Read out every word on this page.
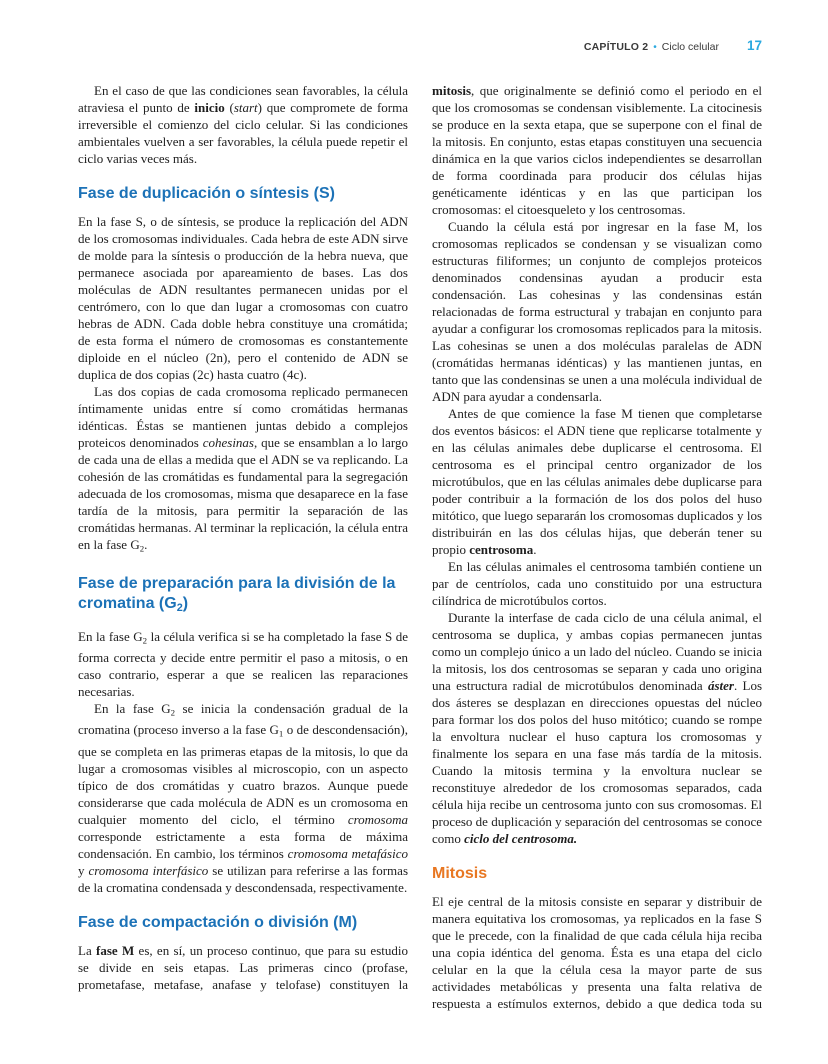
CAPÍTULO 2 • Ciclo celular 17

En el caso de que las condiciones sean favorables, la célula atraviesa el punto de inicio (start) que compromete de forma irreversible el comienzo del ciclo celular. Si las condiciones ambientales vuelven a ser favorables, la célula puede repetir el ciclo varias veces más.

Fase de duplicación o síntesis (S)

En la fase S, o de síntesis, se produce la replicación del ADN de los cromosomas individuales. Cada hebra de este ADN sirve de molde para la síntesis o producción de la hebra nueva, que permanece asociada por apareamiento de bases. Las dos moléculas de ADN resultantes permanecen unidas por el centrómero, con lo que dan lugar a cromosomas con cuatro hebras de ADN. Cada doble hebra constituye una cromátida; de esta forma el número de cromosomas es constantemente diploide en el núcleo (2n), pero el contenido de ADN se duplica de dos copias (2c) hasta cuatro (4c).

Las dos copias de cada cromosoma replicado permanecen íntimamente unidas entre sí como cromátidas hermanas idénticas. Éstas se mantienen juntas debido a complejos proteicos denominados cohesinas, que se ensamblan a lo largo de cada una de ellas a medida que el ADN se va replicando. La cohesión de las cromátidas es fundamental para la segregación adecuada de los cromosomas, misma que desaparece en la fase tardía de la mitosis, para permitir la separación de las cromátidas hermanas. Al terminar la replicación, la célula entra en la fase G2.

Fase de preparación para la división de la cromatina (G2)

En la fase G2 la célula verifica si se ha completado la fase S de forma correcta y decide entre permitir el paso a mitosis, o en caso contrario, esperar a que se realicen las reparaciones necesarias.

En la fase G2 se inicia la condensación gradual de la cromatina (proceso inverso a la fase G1 o de descondensación), que se completa en las primeras etapas de la mitosis, lo que da lugar a cromosomas visibles al microscopio, con un aspecto típico de dos cromátidas y cuatro brazos. Aunque puede considerarse que cada molécula de ADN es un cromosoma en cualquier momento del ciclo, el término cromosoma corresponde estrictamente a esta forma de máxima condensación. En cambio, los términos cromosoma metafásico y cromosoma interfásico se utilizan para referirse a las formas de la cromatina condensada y descondensada, respectivamente.

Fase de compactación o división (M)

La fase M es, en sí, un proceso continuo, que para su estudio se divide en seis etapas. Las primeras cinco (profase, prometafase, metafase, anafase y telofase) constituyen la

mitosis, que originalmente se definió como el periodo en el que los cromosomas se condensan visiblemente. La citocinesis se produce en la sexta etapa, que se superpone con el final de la mitosis. En conjunto, estas etapas constituyen una secuencia dinámica en la que varios ciclos independientes se desarrollan de forma coordinada para producir dos células hijas genéticamente idénticas y en las que participan los cromosomas: el citoesqueleto y los centrosomas.

Cuando la célula está por ingresar en la fase M, los cromosomas replicados se condensan y se visualizan como estructuras filiformes; un conjunto de complejos proteicos denominados condensinas ayudan a producir esta condensación. Las cohesinas y las condensinas están relacionadas de forma estructural y trabajan en conjunto para ayudar a configurar los cromosomas replicados para la mitosis. Las cohesinas se unen a dos moléculas paralelas de ADN (cromátidas hermanas idénticas) y las mantienen juntas, en tanto que las condensinas se unen a una molécula individual de ADN para ayudar a condensarla.

Antes de que comience la fase M tienen que completarse dos eventos básicos: el ADN tiene que replicarse totalmente y en las células animales debe duplicarse el centrosoma. El centrosoma es el principal centro organizador de los microtúbulos, que en las células animales debe duplicarse para poder contribuir a la formación de los dos polos del huso mitótico, que luego separarán los cromosomas duplicados y los distribuirán en las dos células hijas, que deberán tener su propio centrosoma.

En las células animales el centrosoma también contiene un par de centríolos, cada uno constituido por una estructura cilíndrica de microtúbulos cortos.

Durante la interfase de cada ciclo de una célula animal, el centrosoma se duplica, y ambas copias permanecen juntas como un complejo único a un lado del núcleo. Cuando se inicia la mitosis, los dos centrosomas se separan y cada uno origina una estructura radial de microtúbulos denominada áster. Los dos ásteres se desplazan en direcciones opuestas del núcleo para formar los dos polos del huso mitótico; cuando se rompe la envoltura nuclear el huso captura los cromosomas y finalmente los separa en una fase más tardía de la mitosis. Cuando la mitosis termina y la envoltura nuclear se reconstituye alrededor de los cromosomas separados, cada célula hija recibe un centrosoma junto con sus cromosomas. El proceso de duplicación y separación del centrosomas se conoce como ciclo del centrosoma.

Mitosis

El eje central de la mitosis consiste en separar y distribuir de manera equitativa los cromosomas, ya replicados en la fase S que le precede, con la finalidad de que cada célula hija reciba una copia idéntica del genoma. Ésta es una etapa del ciclo celular en la que la célula cesa la mayor parte de sus actividades metabólicas y presenta una falta relativa de respuesta a estímulos externos, debido a que dedica toda su
